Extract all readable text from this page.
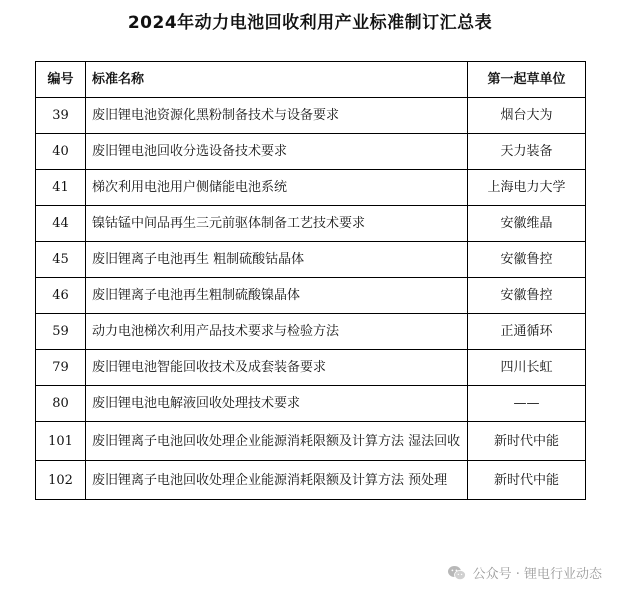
2024年动力电池回收利用产业标准制订汇总表
编号	标准名称	第一起草单位
39	废旧锂电池资源化黑粉制备技术与设备要求	烟台大为
40	废旧锂电池回收分选设备技术要求	天力装备
41	梯次利用电池用户侧储能电池系统	上海电力大学
44	镍钴锰中间品再生三元前驱体制备工艺技术要求	安徽维晶
45	废旧锂离子电池再生 粗制硫酸钴晶体	安徽鲁控
46	废旧锂离子电池再生粗制硫酸镍晶体	安徽鲁控
59	动力电池梯次利用产品技术要求与检验方法	正通循环
79	废旧锂电池智能回收技术及成套装备要求	四川长虹
80	废旧锂电池电解液回收处理技术要求	——
101	废旧锂离子电池回收处理企业能源消耗限额及计算方法 湿法回收	新时代中能
102	废旧锂离子电池回收处理企业能源消耗限额及计算方法 预处理	新时代中能
公众号 · 锂电行业动态
